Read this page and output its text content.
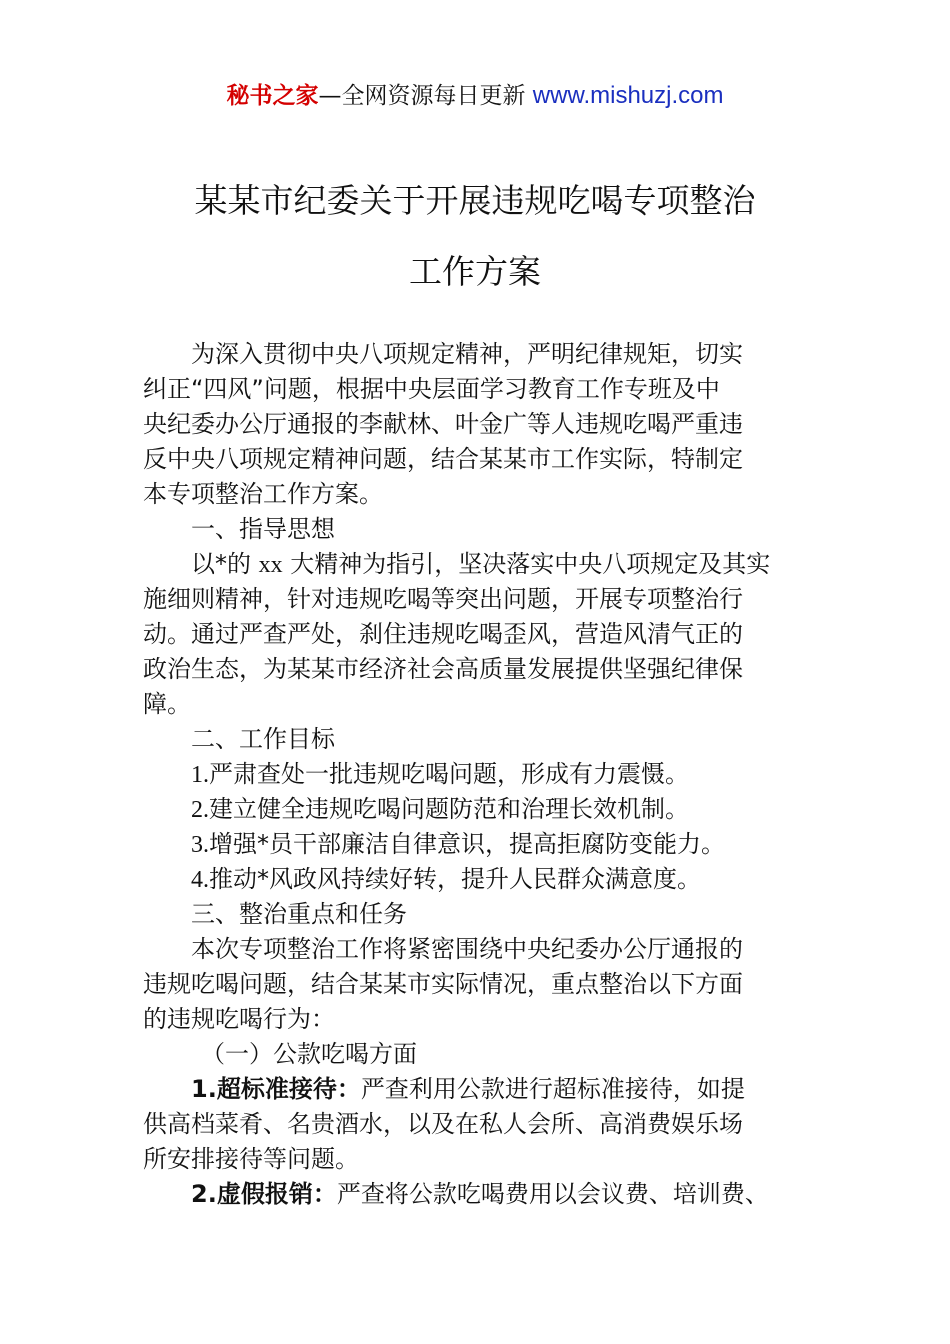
秘书之家—全网资源每日更新 www.mishuzj.com
某某市纪委关于开展违规吃喝专项整治
工作方案
为深入贯彻中央八项规定精神，严明纪律规矩，切实
纠正“四风”问题，根据中央层面学习教育工作专班及中
央纪委办公厅通报的李献林、叶金广等人违规吃喝严重违
反中央八项规定精神问题，结合某某市工作实际，特制定
本专项整治工作方案。
一、指导思想
以*的 xx 大精神为指引，坚决落实中央八项规定及其实
施细则精神，针对违规吃喝等突出问题，开展专项整治行
动。通过严查严处，刹住违规吃喝歪风，营造风清气正的
政治生态，为某某市经济社会高质量发展提供坚强纪律保
障。
二、工作目标
1.严肃查处一批违规吃喝问题，形成有力震慑。
2.建立健全违规吃喝问题防范和治理长效机制。
3.增强*员干部廉洁自律意识，提高拒腐防变能力。
4.推动*风政风持续好转，提升人民群众满意度。
三、整治重点和任务
本次专项整治工作将紧密围绕中央纪委办公厅通报的
违规吃喝问题，结合某某市实际情况，重点整治以下方面
的违规吃喝行为：
（一）公款吃喝方面
1.超标准接待：严查利用公款进行超标准接待，如提
供高档菜肴、名贵酒水，以及在私人会所、高消费娱乐场
所安排接待等问题。
2.虚假报销：严查将公款吃喝费用以会议费、培训费、
